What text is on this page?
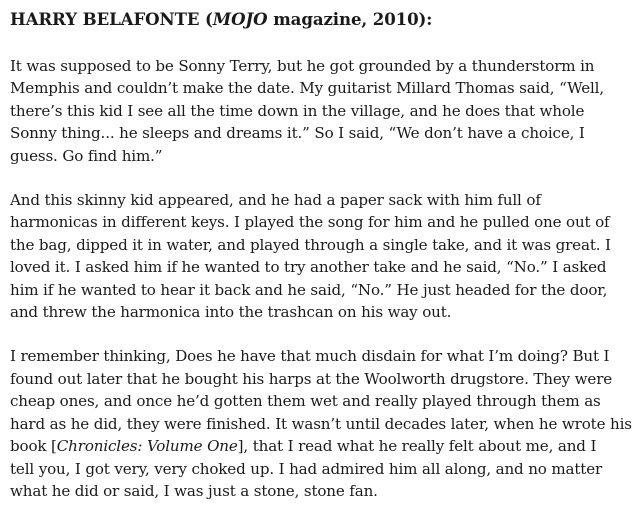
HARRY BELAFONTE (MOJO magazine, 2010):

It was supposed to be Sonny Terry, but he got grounded by a thunderstorm in
Memphis and couldn’t make the date. My guitarist Millard Thomas said, “Well,
there’s this kid I see all the time down in the village, and he does that whole
Sonny thing... he sleeps and dreams it.” So I said, “We don’t have a choice, I
guess. Go find him.”

And this skinny kid appeared, and he had a paper sack with him full of
harmonicas in different keys. I played the song for him and he pulled one out of
the bag, dipped it in water, and played through a single take, and it was great. I
loved it. I asked him if he wanted to try another take and he said, “No.” I asked
him if he wanted to hear it back and he said, “No.” He just headed for the door,
and threw the harmonica into the trashcan on his way out.

I remember thinking, Does he have that much disdain for what I’m doing? But I
found out later that he bought his harps at the Woolworth drugstore. They were
cheap ones, and once he’d gotten them wet and really played through them as
hard as he did, they were finished. It wasn’t until decades later, when he wrote his
book [Chronicles: Volume One], that I read what he really felt about me, and I
tell you, I got very, very choked up. I had admired him all along, and no matter
what he did or said, I was just a stone, stone fan.
